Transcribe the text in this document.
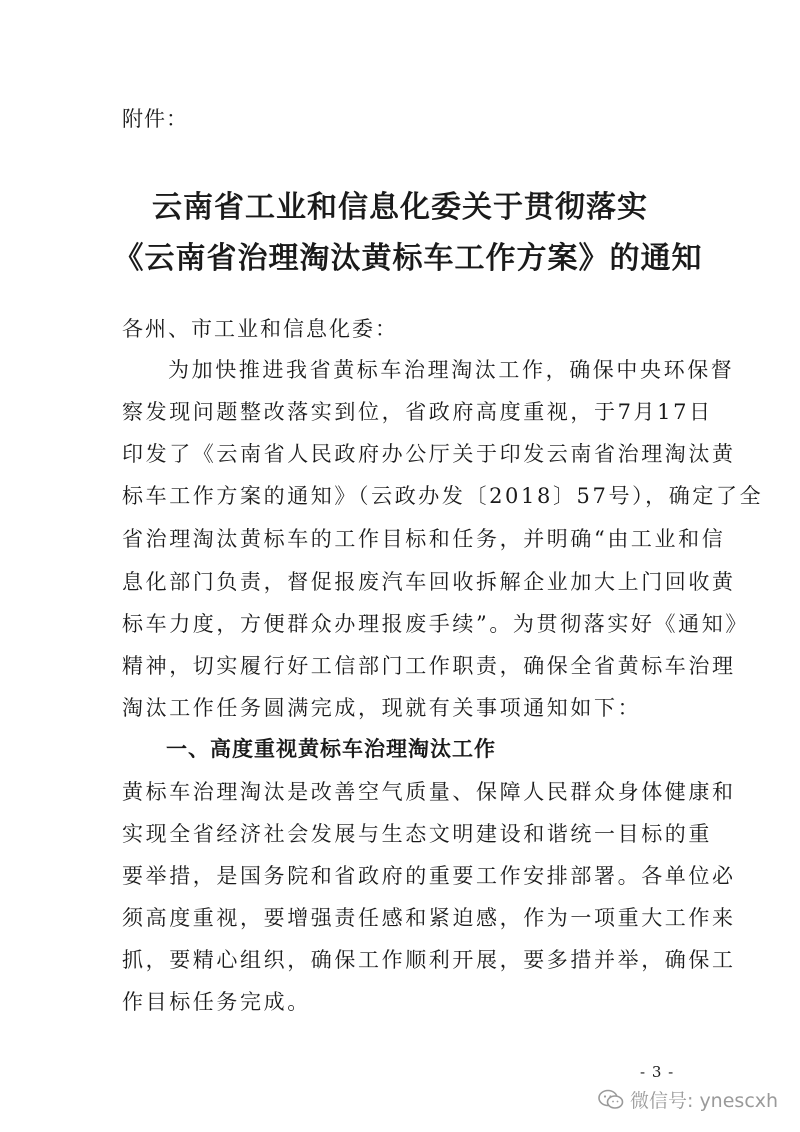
附件：
云南省工业和信息化委关于贯彻落实
《云南省治理淘汰黄标车工作方案》的通知
各州、市工业和信息化委：
为加快推进我省黄标车治理淘汰工作，确保中央环保督
察发现问题整改落实到位，省政府高度重视，于7月17日
印发了《云南省人民政府办公厅关于印发云南省治理淘汰黄
标车工作方案的通知》（云政办发〔2018〕57号），确定了全
省治理淘汰黄标车的工作目标和任务，并明确“由工业和信
息化部门负责，督促报废汽车回收拆解企业加大上门回收黄
标车力度，方便群众办理报废手续”。为贯彻落实好《通知》
精神，切实履行好工信部门工作职责，确保全省黄标车治理
淘汰工作任务圆满完成，现就有关事项通知如下：
一、高度重视黄标车治理淘汰工作
黄标车治理淘汰是改善空气质量、保障人民群众身体健康和
实现全省经济社会发展与生态文明建设和谐统一目标的重
要举措，是国务院和省政府的重要工作安排部署。各单位必
须高度重视，要增强责任感和紧迫感，作为一项重大工作来
抓，要精心组织，确保工作顺利开展，要多措并举，确保工
作目标任务完成。
- 3 -
微信号: ynescxh
